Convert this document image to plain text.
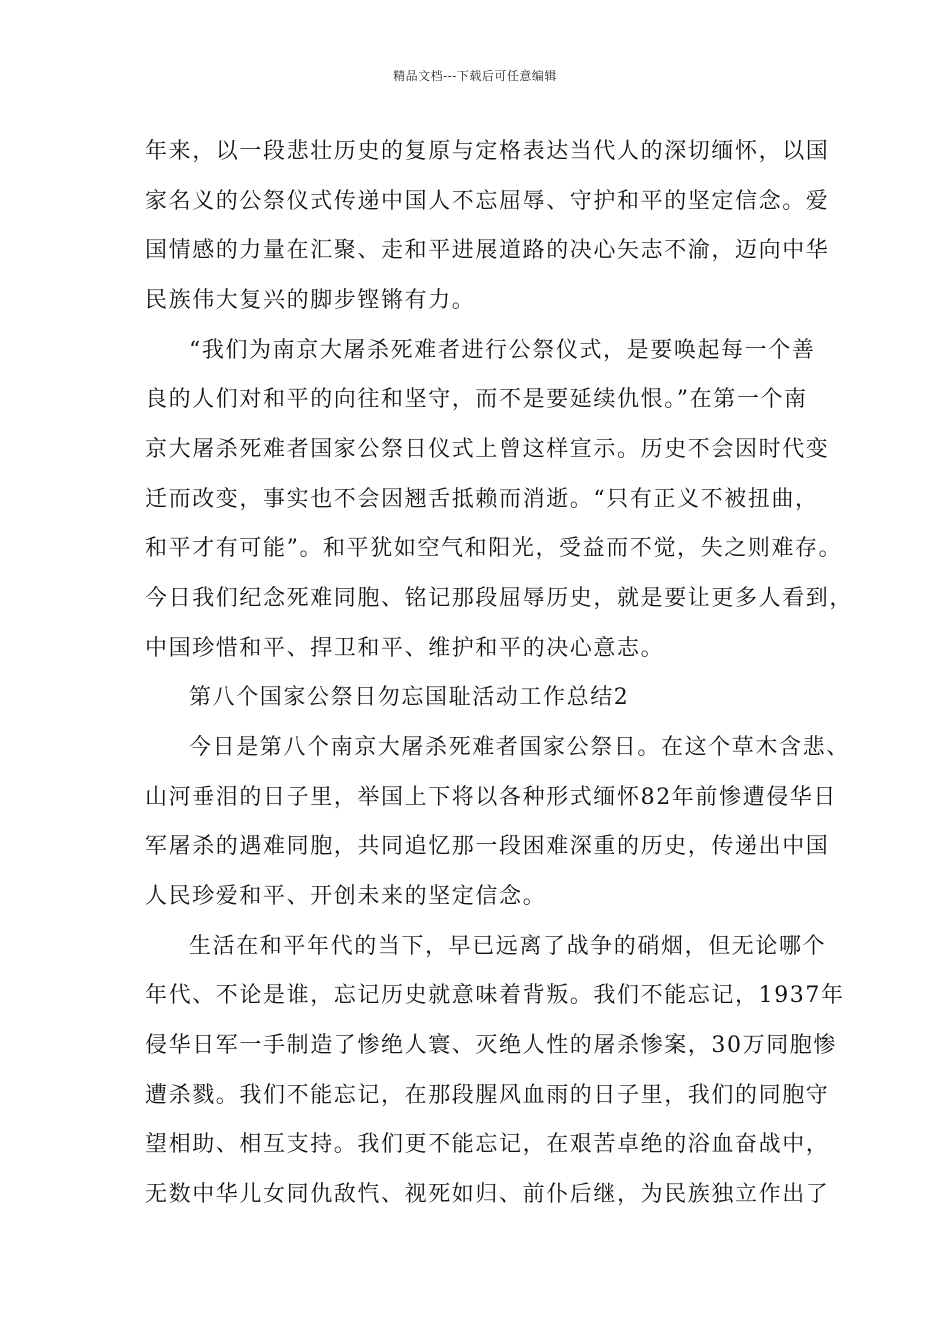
精品文档---下载后可任意编辑
年来，以一段悲壮历史的复原与定格表达当代人的深切缅怀，以国
家名义的公祭仪式传递中国人不忘屈辱、守护和平的坚定信念。爱
国情感的力量在汇聚、走和平进展道路的决心矢志不渝，迈向中华
民族伟大复兴的脚步铿锵有力。
“我们为南京大屠杀死难者进行公祭仪式，是要唤起每一个善
良的人们对和平的向往和坚守，而不是要延续仇恨。”在第一个南
京大屠杀死难者国家公祭日仪式上曾这样宣示。历史不会因时代变
迁而改变，事实也不会因翘舌抵赖而消逝。“只有正义不被扭曲，
和平才有可能”。和平犹如空气和阳光，受益而不觉，失之则难存。
今日我们纪念死难同胞、铭记那段屈辱历史，就是要让更多人看到，
中国珍惜和平、捍卫和平、维护和平的决心意志。
第八个国家公祭日勿忘国耻活动工作总结2
今日是第八个南京大屠杀死难者国家公祭日。在这个草木含悲、
山河垂泪的日子里，举国上下将以各种形式缅怀82年前惨遭侵华日
军屠杀的遇难同胞，共同追忆那一段困难深重的历史，传递出中国
人民珍爱和平、开创未来的坚定信念。
生活在和平年代的当下，早已远离了战争的硝烟，但无论哪个
年代、不论是谁，忘记历史就意味着背叛。我们不能忘记，1937年
侵华日军一手制造了惨绝人寰、灭绝人性的屠杀惨案，30万同胞惨
遭杀戮。我们不能忘记，在那段腥风血雨的日子里，我们的同胞守
望相助、相互支持。我们更不能忘记，在艰苦卓绝的浴血奋战中，
无数中华儿女同仇敌忾、视死如归、前仆后继，为民族独立作出了
